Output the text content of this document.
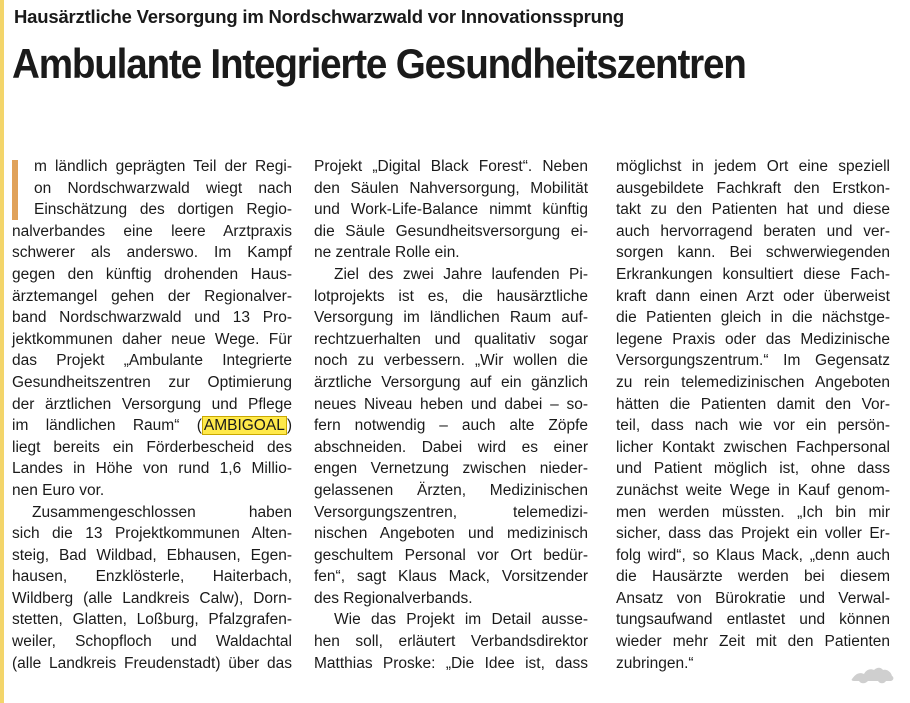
Hausärztliche Versorgung im Nordschwarzwald vor Innovationssprung
Ambulante Integrierte Gesundheitszentren
m ländlich geprägten Teil der Regi-
on Nordschwarzwald wiegt nach
Einschätzung des dortigen Regio-
nalverbandes eine leere Arztpraxis
schwerer als anderswo. Im Kampf
gegen den künftig drohenden Haus-
ärztemangel gehen der Regionalver-
band Nordschwarzwald und 13 Pro-
jektkommunen daher neue Wege. Für
das Projekt „Ambulante Integrierte
Gesundheitszentren zur Optimierung
der ärztlichen Versorgung und Pflege
im ländlichen Raum“ ( AMBIGOAL )
liegt bereits ein Förderbescheid des
Landes in Höhe von rund 1,6 Millio-
nen Euro vor.
Zusammengeschlossen haben
sich die 13 Projektkommunen Alten-
steig, Bad Wildbad, Ebhausen, Egen-
hausen, Enzklösterle, Haiterbach,
Wildberg (alle Landkreis Calw), Dorn-
stetten, Glatten, Loßburg, Pfalzgrafen-
weiler, Schopfloch und Waldachtal
(alle Landkreis Freudenstadt) über das
Projekt „Digital Black Forest“. Neben
den Säulen Nahversorgung, Mobilität
und Work-Life-Balance nimmt künftig
die Säule Gesundheitsversorgung ei-
ne zentrale Rolle ein.
Ziel des zwei Jahre laufenden Pi-
lotprojekts ist es, die hausärztliche
Versorgung im ländlichen Raum auf-
rechtzuerhalten und qualitativ sogar
noch zu verbessern. „Wir wollen die
ärztliche Versorgung auf ein gänzlich
neues Niveau heben und dabei – so-
fern notwendig – auch alte Zöpfe
abschneiden. Dabei wird es einer
engen Vernetzung zwischen nieder-
gelassenen Ärzten, Medizinischen
Versorgungszentren, telemedizi-
nischen Angeboten und medizinisch
geschultem Personal vor Ort bedür-
fen“, sagt Klaus Mack, Vorsitzender
des Regionalverbands.
Wie das Projekt im Detail ausse-
hen soll, erläutert Verbandsdirektor
Matthias Proske: „Die Idee ist, dass
möglichst in jedem Ort eine speziell
ausgebildete Fachkraft den Erstkon-
takt zu den Patienten hat und diese
auch hervorragend beraten und ver-
sorgen kann. Bei schwerwiegenden
Erkrankungen konsultiert diese Fach-
kraft dann einen Arzt oder überweist
die Patienten gleich in die nächstge-
legene Praxis oder das Medizinische
Versorgungszentrum.“ Im Gegensatz
zu rein telemedizinischen Angeboten
hätten die Patienten damit den Vor-
teil, dass nach wie vor ein persön-
licher Kontakt zwischen Fachpersonal
und Patient möglich ist, ohne dass
zunächst weite Wege in Kauf genom-
men werden müssten. „Ich bin mir
sicher, dass das Projekt ein voller Er-
folg wird“, so Klaus Mack, „denn auch
die Hausärzte werden bei diesem
Ansatz von Bürokratie und Verwal-
tungsaufwand entlastet und können
wieder mehr Zeit mit den Patienten
zubringen.“
